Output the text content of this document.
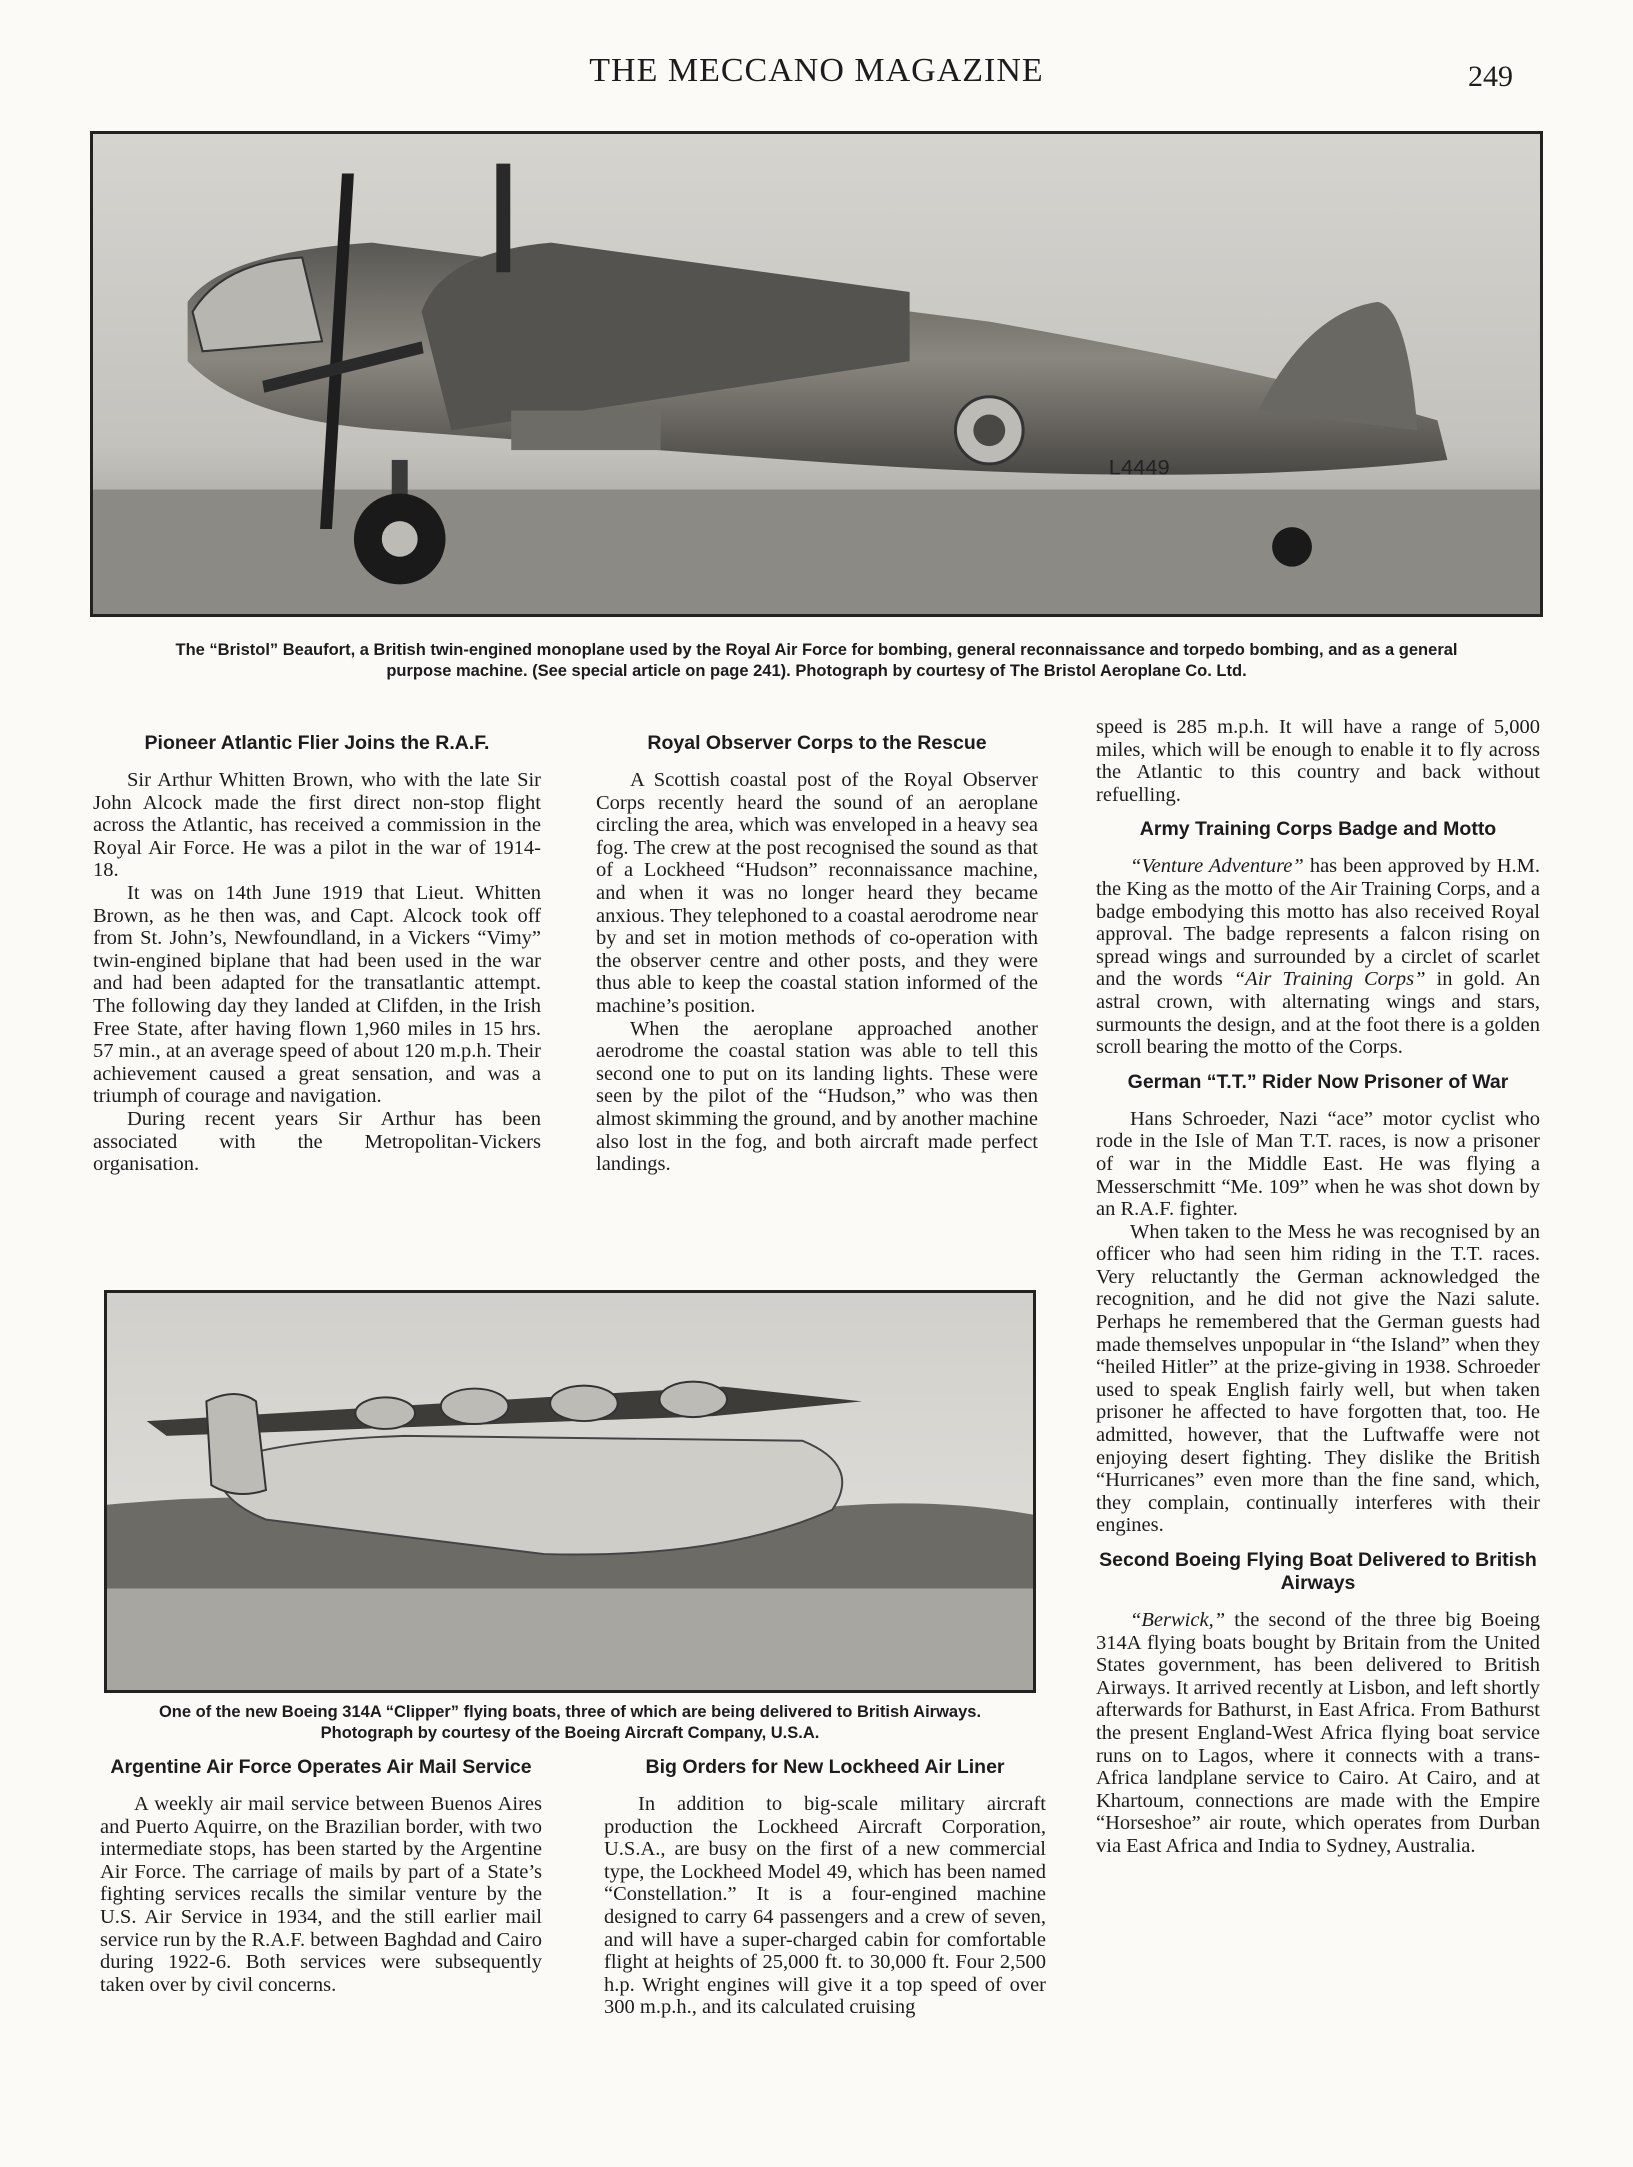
THE MECCANO MAGAZINE	249
L4449
The “Bristol” Beaufort, a British twin-engined monoplane used by the Royal Air Force for bombing, general reconnaissance and torpedo bombing, and as a general
purpose machine. (See special article on page 241). Photograph by courtesy of The Bristol Aeroplane Co. Ltd.
Pioneer Atlantic Flier Joins the R.A.F.

Sir Arthur Whitten Brown, who with the late Sir John Alcock made the first direct non-stop flight across the Atlantic, has received a commission in the Royal Air Force. He was a pilot in the war of 1914-18.

It was on 14th June 1919 that Lieut. Whitten Brown, as he then was, and Capt. Alcock took off from St. John’s, Newfoundland, in a Vickers “Vimy” twin-engined biplane that had been used in the war and had been adapted for the transatlantic attempt. The following day they landed at Clifden, in the Irish Free State, after having flown 1,960 miles in 15 hrs. 57 min., at an average speed of about 120 m.p.h. Their achievement caused a great sensation, and was a triumph of courage and navigation.

During recent years Sir Arthur has been associated with the Metropolitan-Vickers organisation.

Royal Observer Corps to the Rescue

A Scottish coastal post of the Royal Observer Corps recently heard the sound of an aeroplane circling the area, which was enveloped in a heavy sea fog. The crew at the post recognised the sound as that of a Lockheed “Hudson” reconnaissance machine, and when it was no longer heard they became anxious. They telephoned to a coastal aerodrome near by and set in motion methods of co-operation with the observer centre and other posts, and they were thus able to keep the coastal station informed of the machine’s position.

When the aeroplane approached another aerodrome the coastal station was able to tell this second one to put on its landing lights. These were seen by the pilot of the “Hudson,” who was then almost skimming the ground, and by another machine also lost in the fog, and both aircraft made perfect landings.

speed is 285 m.p.h. It will have a range of 5,000 miles, which will be enough to enable it to fly across the Atlantic to this country and back without refuelling.

Army Training Corps Badge and Motto

“Venture Adventure” has been approved by H.M. the King as the motto of the Air Training Corps, and a badge embodying this motto has also received Royal approval. The badge represents a falcon rising on spread wings and surrounded by a circlet of scarlet and the words “Air Training Corps” in gold. An astral crown, with alternating wings and stars, surmounts the design, and at the foot there is a golden scroll bearing the motto of the Corps.

German “T.T.” Rider Now Prisoner of War

Hans Schroeder, Nazi “ace” motor cyclist who rode in the Isle of Man T.T. races, is now a prisoner of war in the Middle East. He was flying a Messerschmitt “Me. 109” when he was shot down by an R.A.F. fighter.

When taken to the Mess he was recognised by an officer who had seen him riding in the T.T. races. Very reluctantly the German acknowledged the recognition, and he did not give the Nazi salute. Perhaps he remembered that the German guests had made themselves unpopular in “the Island” when they “heiled Hitler” at the prize-giving in 1938. Schroeder used to speak English fairly well, but when taken prisoner he affected to have forgotten that, too. He admitted, however, that the Luftwaffe were not enjoying desert fighting. They dislike the British “Hurricanes” even more than the fine sand, which, they complain, continually interferes with their engines.

Second Boeing Flying Boat Delivered to British Airways

“Berwick,” the second of the three big Boeing 314A flying boats bought by Britain from the United States government, has been delivered to British Airways. It arrived recently at Lisbon, and left shortly afterwards for Bathurst, in East Africa. From Bathurst the present England-West Africa flying boat service runs on to Lagos, where it connects with a trans-Africa landplane service to Cairo. At Cairo, and at Khartoum, connections are made with the Empire “Horseshoe” air route, which operates from Durban via East Africa and India to Sydney, Australia.

One of the new Boeing 314A “Clipper” flying boats, three of which are being delivered to British Airways.
Photograph by courtesy of the Boeing Aircraft Company, U.S.A.
Argentine Air Force Operates Air Mail Service

A weekly air mail service between Buenos Aires and Puerto Aquirre, on the Brazilian border, with two intermediate stops, has been started by the Argentine Air Force. The carriage of mails by part of a State’s fighting services recalls the similar venture by the U.S. Air Service in 1934, and the still earlier mail service run by the R.A.F. between Baghdad and Cairo during 1922-6. Both services were subsequently taken over by civil concerns.

Big Orders for New Lockheed Air Liner

In addition to big-scale military aircraft production the Lockheed Aircraft Corporation, U.S.A., are busy on the first of a new commercial type, the Lockheed Model 49, which has been named “Constellation.” It is a four-engined machine designed to carry 64 passengers and a crew of seven, and will have a super-charged cabin for comfortable flight at heights of 25,000 ft. to 30,000 ft. Four 2,500 h.p. Wright engines will give it a top speed of over 300 m.p.h., and its calculated cruising
